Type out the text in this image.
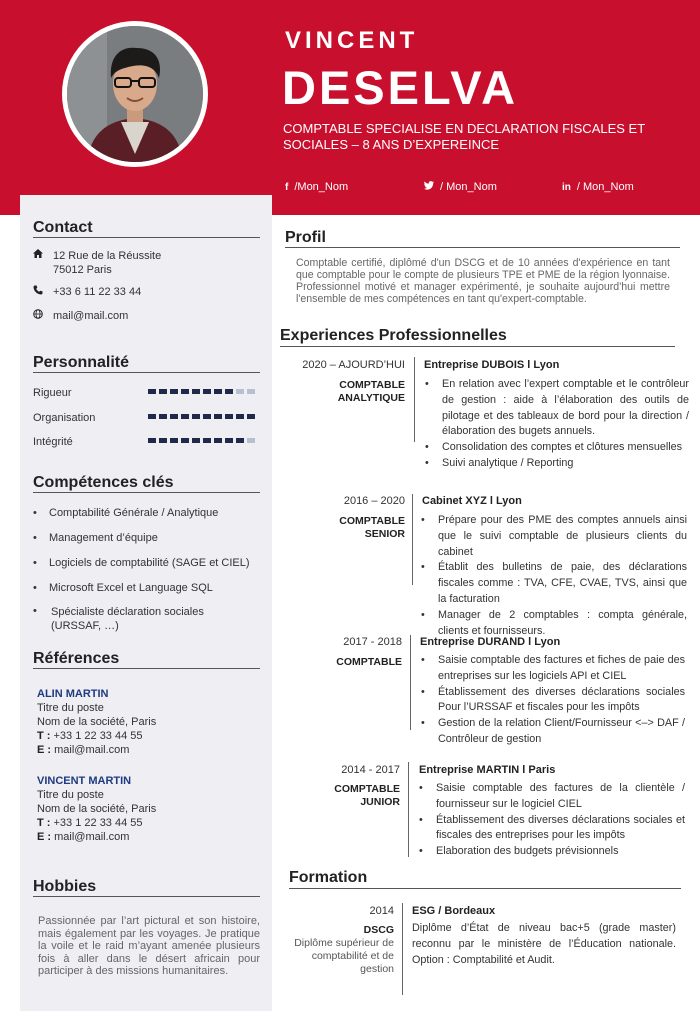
VINCENT
DESELVA
COMPTABLE SPECIALISE EN DECLARATION FISCALES ET
SOCIALES – 8 ANS D’EXPEREINCE
f /Mon_Nom	/ Mon_Nom	in / Mon_Nom
Contact
12 Rue de la Réussite
75012 Paris
+33 6 11 22 33 44
mail@mail.com
Personnalité
Rigueur
Organisation
Intégrité
Compétences clés
•	Comptabilité Générale / Analytique
•	Management d’équipe
•	Logiciels de comptabilité (SAGE et CIEL)
•	Microsoft Excel et Language SQL
•	Spécialiste déclaration sociales
(URSSAF, …)
Références
ALIN MARTIN
Titre du poste
Nom de la société, Paris
T : +33 1 22 33 44 55
E : mail@mail.com
VINCENT MARTIN
Titre du poste
Nom de la société, Paris
T : +33 1 22 33 44 55
E : mail@mail.com
Hobbies
Passionnée par l’art pictural et son histoire, mais également par les voyages. Je pratique la voile et le raid m’ayant amenée plusieurs fois à aller dans le désert africain pour participer à des missions humanitaires.
Profil
Comptable certifié, diplômé d'un DSCG et de 10 années d'expérience en tant que comptable pour le compte de plusieurs TPE et PME de la région lyonnaise. Professionnel motivé et manager expérimenté, je souhaite aujourd'hui mettre l'ensemble de mes compétences en tant qu'expert-comptable.
Experiences Professionnelles
2020 – AJOURD’HUI
COMPTABLE
ANALYTIQUE
Entreprise DUBOIS l Lyon
• En relation avec l’expert comptable et le contrôleur de gestion : aide à l’élaboration des outils de pilotage et des tableaux de bord pour la direction / élaboration des bugets annuels.
• Consolidation des comptes et clôtures mensuelles
• Suivi analytique / Reporting
2016 – 2020
COMPTABLE
SENIOR
Cabinet XYZ l Lyon
• Prépare pour des PME des comptes annuels ainsi que le suivi comptable de plusieurs clients du cabinet
• Établit des bulletins de paie, des déclarations fiscales comme : TVA, CFE, CVAE, TVS, ainsi que la facturation
• Manager de 2 comptables : compta générale, clients et fournisseurs.
2017 - 2018
COMPTABLE
Entreprise DURAND l Lyon
• Saisie comptable des factures et fiches de paie des entreprises sur les logiciels API et CIEL
• Établissement des diverses déclarations sociales Pour l’URSSAF et fiscales pour les impôts
• Gestion de la relation Client/Fournisseur <–> DAF / Contrôleur de gestion
2014 - 2017
COMPTABLE
JUNIOR
Entreprise MARTIN l Paris
• Saisie comptable des factures de la clientèle / fournisseur sur le logiciel CIEL
• Établissement des diverses déclarations sociales et fiscales des entreprises pour les impôts
• Elaboration des budgets prévisionnels
Formation
2014
DSCG
Diplôme supérieur de comptabilité et de gestion
ESG / Bordeaux
Diplôme d’État de niveau bac+5 (grade master) reconnu par le ministère de l’Éducation nationale. Option : Comptabilité et Audit.
